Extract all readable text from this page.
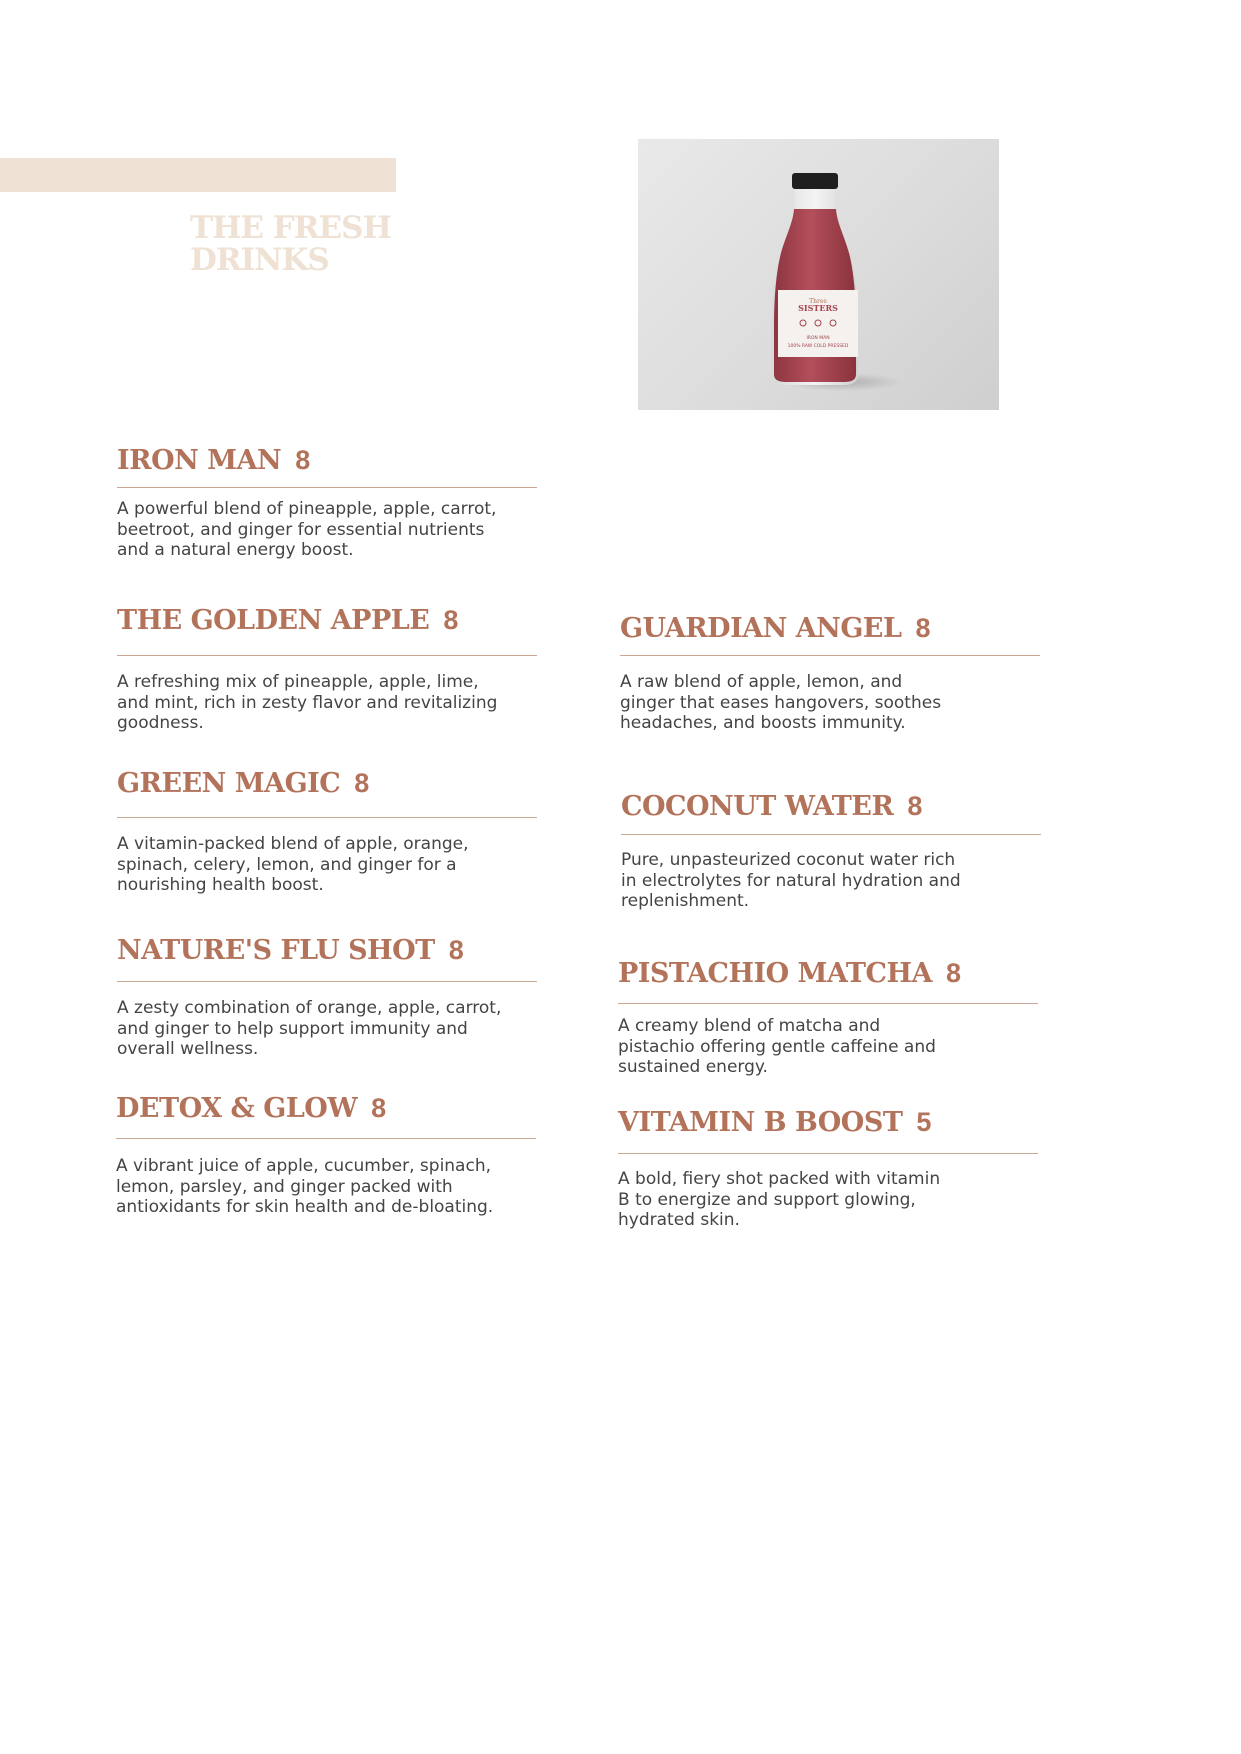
THE FRESH DRINKS
Three
SISTERS
IRON MAN
100% RAW COLD PRESSED
IRON MAN 8

A powerful blend of pineapple, apple, carrot,
beetroot, and ginger for essential nutrients
and a natural energy boost.

THE GOLDEN APPLE 8

A refreshing mix of pineapple, apple, lime,
and mint, rich in zesty flavor and revitalizing
goodness.

GREEN MAGIC 8

A vitamin-packed blend of apple, orange,
spinach, celery, lemon, and ginger for a
nourishing health boost.

NATURE'S FLU SHOT 8

A zesty combination of orange, apple, carrot,
and ginger to help support immunity and
overall wellness.

DETOX & GLOW 8

A vibrant juice of apple, cucumber, spinach,
lemon, parsley, and ginger packed with
antioxidants for skin health and de-bloating.

GUARDIAN ANGEL 8

A raw blend of apple, lemon, and
ginger that eases hangovers, soothes
headaches, and boosts immunity.

COCONUT WATER 8

Pure, unpasteurized coconut water rich
in electrolytes for natural hydration and
replenishment.

PISTACHIO MATCHA 8

A creamy blend of matcha and
pistachio offering gentle caffeine and
sustained energy.

VITAMIN B BOOST 5

A bold, fiery shot packed with vitamin
B to energize and support glowing,
hydrated skin.
